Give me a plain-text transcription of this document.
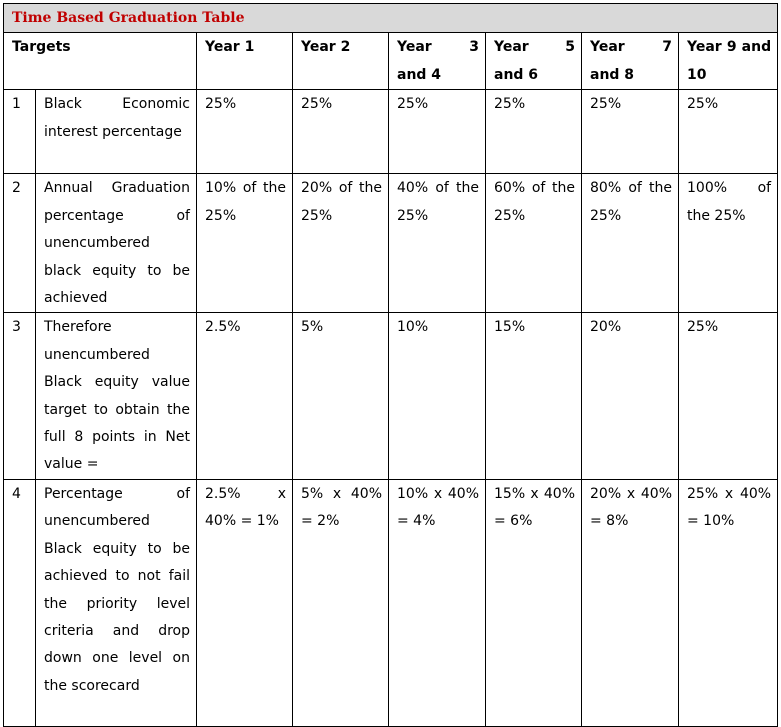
Time Based Graduation Table							
Targets		Year 1	Year 2	Year 3 and 4	Year 5 and 6	Year 7 and 8	Year 9 and 10
1	Black Economic interest percentage	25%	25%	25%	25%	25%	25%
2	Annual Graduation percentage of unencumbered black equity to be achieved	10% of the 25%	20% of the 25%	40% of the 25%	60% of the 25%	80% of the 25%	100% of the 25%
3	Therefore unencumbered Black equity value target to obtain the full 8 points in Net value =	2.5%	5%	10%	15%	20%	25%
4	Percentage of unencumbered Black equity to be achieved to not fail the priority level criteria and drop down one level on the scorecard	2.5% x 40% = 1%	5% x 40% = 2%	10% x 40% = 4%	15% x 40% = 6%	20% x 40% = 8%	25% x 40% = 10%
